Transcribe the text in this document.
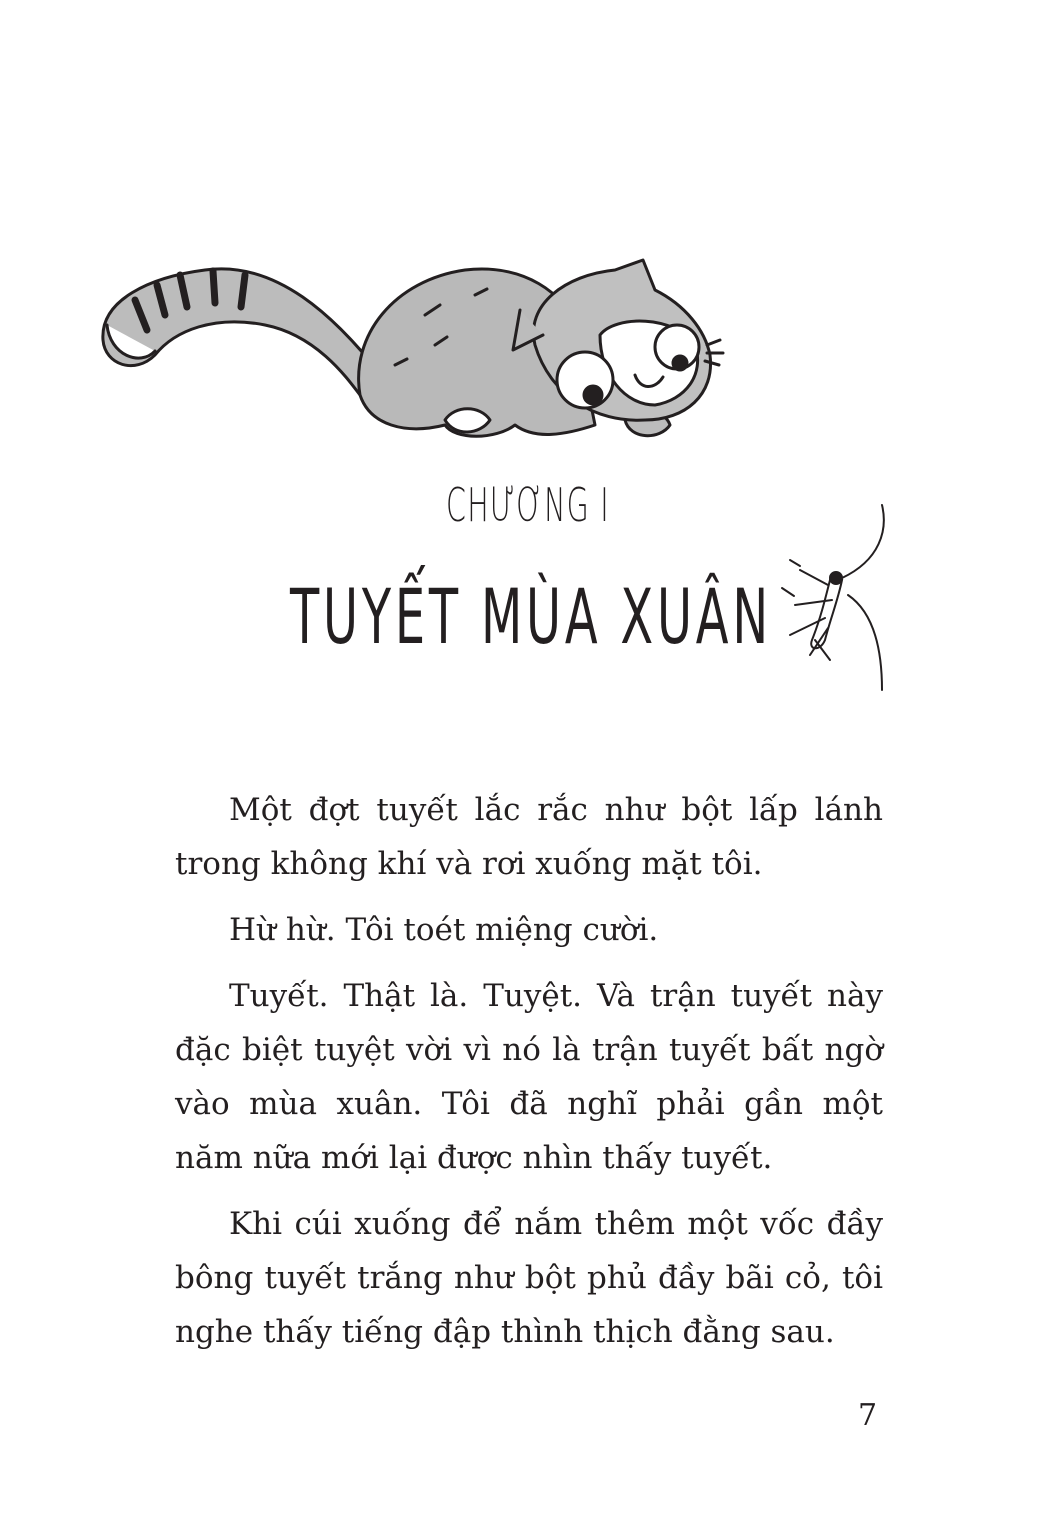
CHƯƠNG I
TUYẾT MÙA XUÂN

Một đợt tuyết lắc rắc như bột lấp lánh trong không khí và rơi xuống mặt tôi.

Hừ hừ. Tôi toét miệng cười.

Tuyết. Thật là. Tuyệt. Và trận tuyết này đặc biệt tuyệt vời vì nó là trận tuyết bất ngờ vào mùa xuân. Tôi đã nghĩ phải gần một năm nữa mới lại được nhìn thấy tuyết.

Khi cúi xuống để nắm thêm một vốc đầy bông tuyết trắng như bột phủ đầy bãi cỏ, tôi nghe thấy tiếng đập thình thịch đằng sau.

7
